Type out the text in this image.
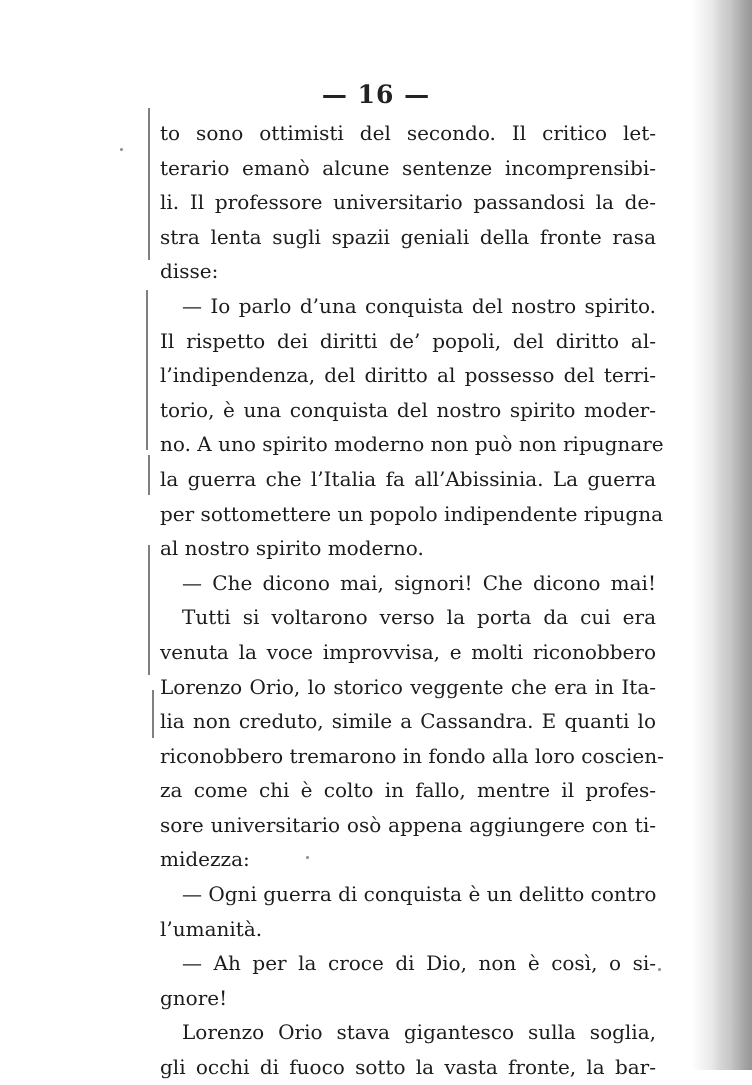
— 16 —
to sono ottimisti del secondo. Il critico let-
terario emanò alcune sentenze incomprensibi-
li. Il professore universitario passandosi la de-
stra lenta sugli spazii geniali della fronte rasa
disse:
— Io parlo d’una conquista del nostro spirito.
Il rispetto dei diritti de’ popoli, del diritto al-
l’indipendenza, del diritto al possesso del terri-
torio, è una conquista del nostro spirito moder-
no. A uno spirito moderno non può non ripugnare
la guerra che l’Italia fa all’Abissinia. La guerra
per sottomettere un popolo indipendente ripugna
al nostro spirito moderno.
— Che dicono mai, signori! Che dicono mai!
Tutti si voltarono verso la porta da cui era
venuta la voce improvvisa, e molti riconobbero
Lorenzo Orio, lo storico veggente che era in Ita-
lia non creduto, simile a Cassandra. E quanti lo
riconobbero tremarono in fondo alla loro coscien-
za come chi è colto in fallo, mentre il profes-
sore universitario osò appena aggiungere con ti-
midezza:
— Ogni guerra di conquista è un delitto contro
l’umanità.
— Ah per la croce di Dio, non è così, o si-
gnore!
Lorenzo Orio stava gigantesco sulla soglia,
gli occhi di fuoco sotto la vasta fronte, la bar-
